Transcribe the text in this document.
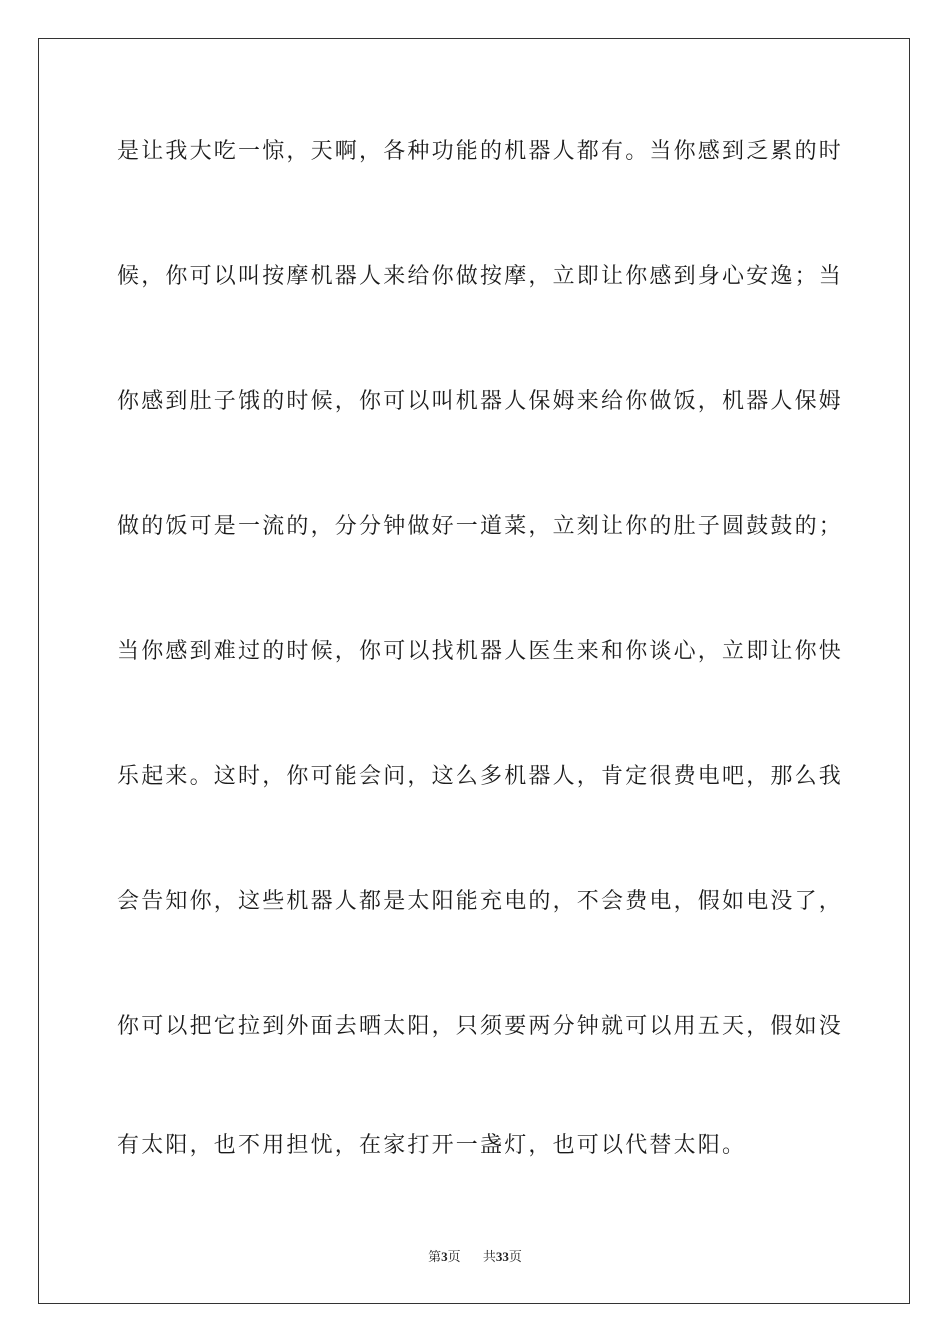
是让我大吃一惊，天啊，各种功能的机器人都有。当你感到乏累的时
候，你可以叫按摩机器人来给你做按摩，立即让你感到身心安逸；当
你感到肚子饿的时候，你可以叫机器人保姆来给你做饭，机器人保姆
做的饭可是一流的，分分钟做好一道菜，立刻让你的肚子圆鼓鼓的；
当你感到难过的时候，你可以找机器人医生来和你谈心，立即让你快
乐起来。这时，你可能会问，这么多机器人，肯定很费电吧，那么我
会告知你，这些机器人都是太阳能充电的，不会费电，假如电没了，
你可以把它拉到外面去晒太阳，只须要两分钟就可以用五天，假如没
有太阳，也不用担忧，在家打开一盏灯，也可以代替太阳。
第3页 共33页
